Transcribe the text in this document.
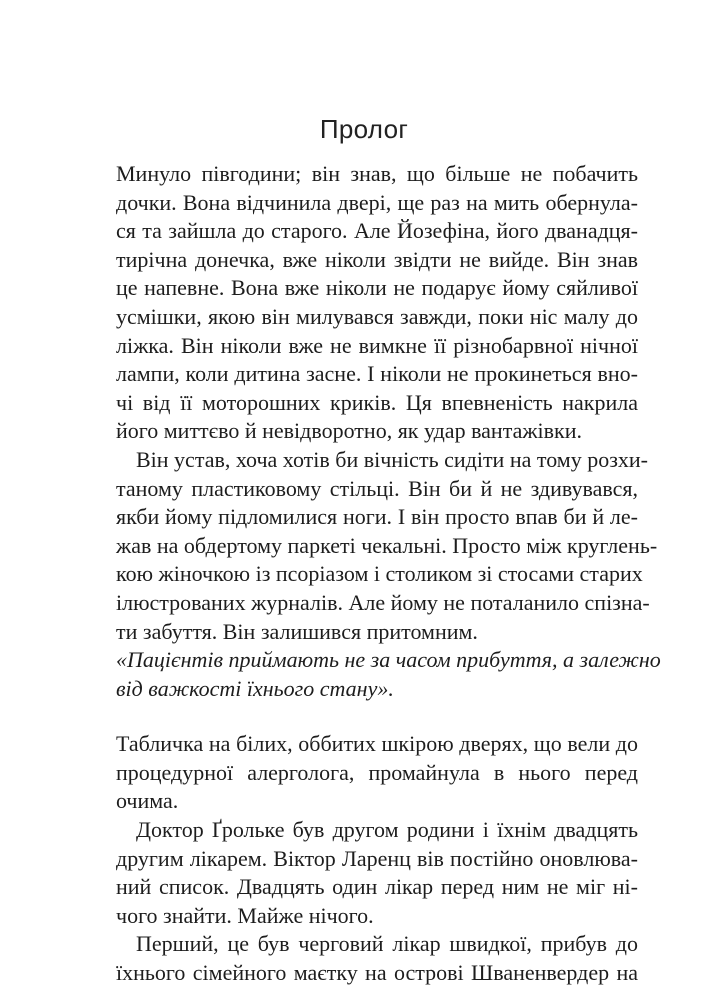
Пролог
Минуло півгодини; він знав, що більше не побачить
дочки. Вона відчинила двері, ще раз на мить обернула-
ся та зайшла до старого. Але Йозефіна, його дванадця-
тирічна донечка, вже ніколи звідти не вийде. Він знав
це напевне. Вона вже ніколи не подарує йому сяйливої
усмішки, якою він милувався завжди, поки ніс малу до
ліжка. Він ніколи вже не вимкне її різнобарвної нічної
лампи, коли дитина засне. І ніколи не прокинеться вно-
чі від її моторошних криків. Ця впевненість накрила
його миттєво й невідворотно, як удар вантажівки.
Він устав, хоча хотів би вічність сидіти на тому розхи-
таному пластиковому стільці. Він би й не здивувався,
якби йому підломилися ноги. І він просто впав би й ле-
жав на обдертому паркеті чекальні. Просто між круглень-
кою жіночкою із псоріазом і столиком зі стосами старих
ілюстрованих журналів. Але йому не поталанило спізна-
ти забуття. Він залишився притомним.
«Пацієнтів приймають не за часом прибуття, а залежно
від важкості їхнього стану».
Табличка на білих, оббитих шкірою дверях, що вели до
процедурної алерголога, промайнула в нього перед
очима.
Доктор Ґрольке був другом родини і їхнім двадцять
другим лікарем. Віктор Ларенц вів постійно оновлюва-
ний список. Двадцять один лікар перед ним не міг ні-
чого знайти. Майже нічого.
Перший, це був черговий лікар швидкої, прибув до
їхнього сімейного маєтку на острові Шваненвердер на
